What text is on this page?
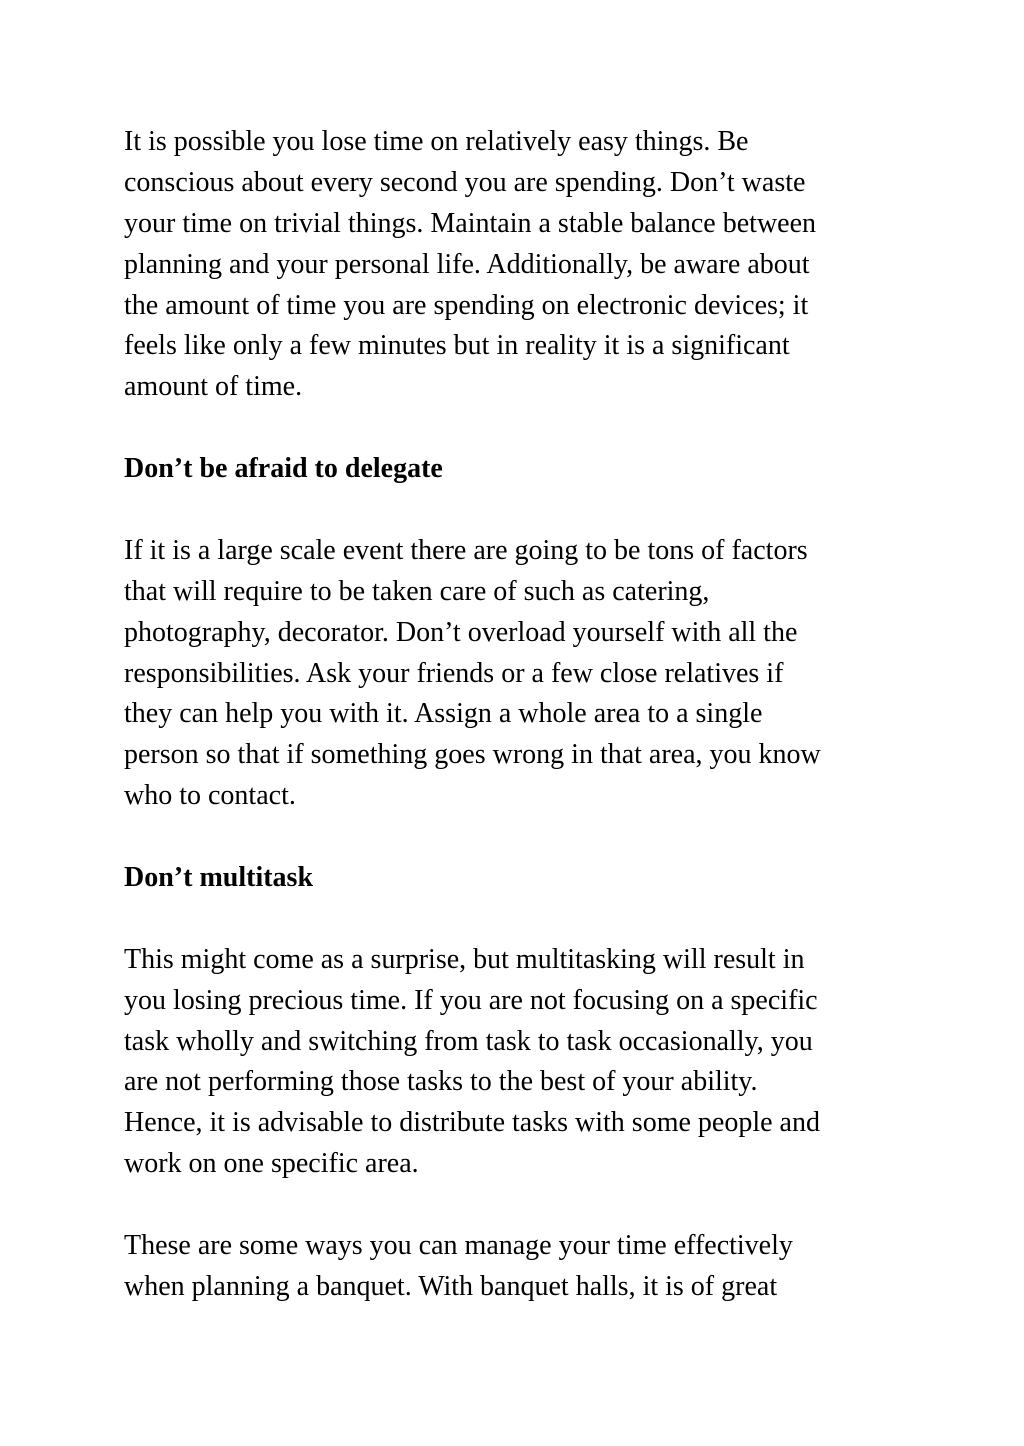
It is possible you lose time on relatively easy things. Be
conscious about every second you are spending. Don’t waste
your time on trivial things. Maintain a stable balance between
planning and your personal life. Additionally, be aware about
the amount of time you are spending on electronic devices; it
feels like only a few minutes but in reality it is a significant
amount of time.
Don’t be afraid to delegate
If it is a large scale event there are going to be tons of factors
that will require to be taken care of such as catering,
photography, decorator. Don’t overload yourself with all the
responsibilities. Ask your friends or a few close relatives if
they can help you with it. Assign a whole area to a single
person so that if something goes wrong in that area, you know
who to contact.
Don’t multitask
This might come as a surprise, but multitasking will result in
you losing precious time. If you are not focusing on a specific
task wholly and switching from task to task occasionally, you
are not performing those tasks to the best of your ability.
Hence, it is advisable to distribute tasks with some people and
work on one specific area.
These are some ways you can manage your time effectively
when planning a banquet. With banquet halls, it is of great
